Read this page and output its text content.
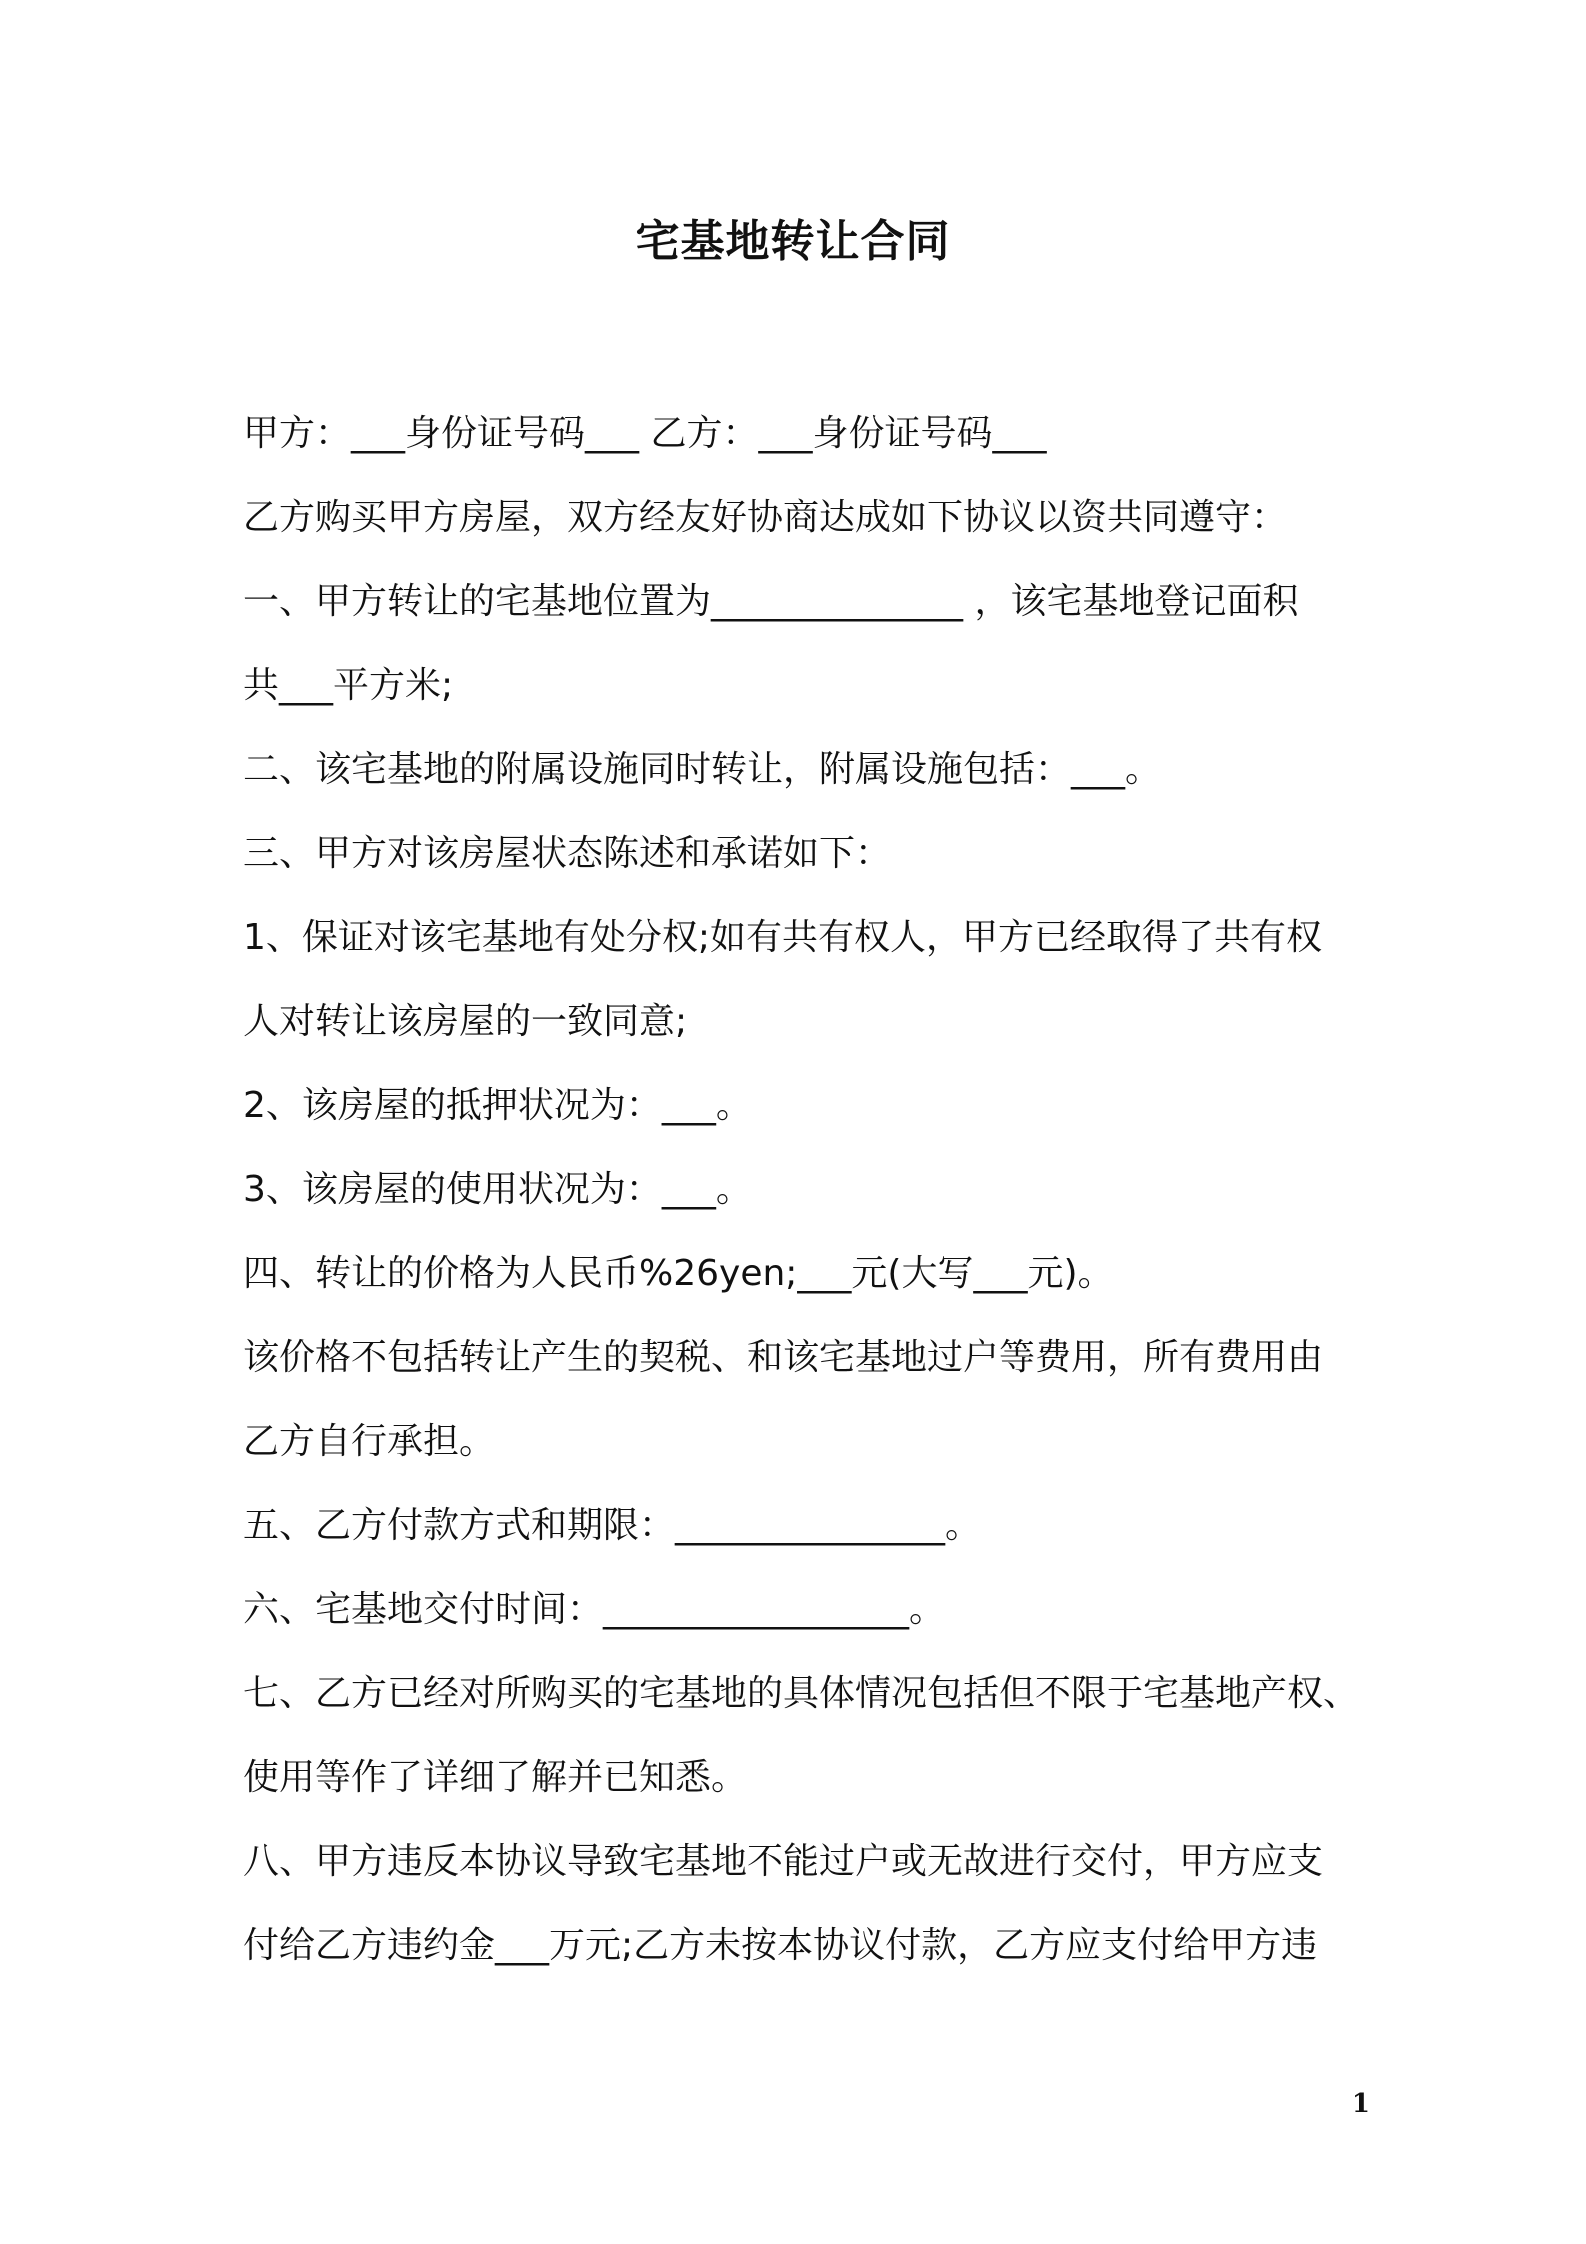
宅基地转让合同
甲方：___身份证号码___ 乙方：___身份证号码___
乙方购买甲方房屋，双方经友好协商达成如下协议以资共同遵守：
一、甲方转让的宅基地位置为______________ ，该宅基地登记面积
共___平方米;
二、该宅基地的附属设施同时转让，附属设施包括：___。
三、甲方对该房屋状态陈述和承诺如下：
1、保证对该宅基地有处分权;如有共有权人，甲方已经取得了共有权
人对转让该房屋的一致同意;
2、该房屋的抵押状况为：___。
3、该房屋的使用状况为：___。
四、转让的价格为人民币%26yen;___元(大写___元)。
该价格不包括转让产生的契税、和该宅基地过户等费用，所有费用由
乙方自行承担。
五、乙方付款方式和期限：_______________。
六、宅基地交付时间：_________________。
七、乙方已经对所购买的宅基地的具体情况包括但不限于宅基地产权、
使用等作了详细了解并已知悉。
八、甲方违反本协议导致宅基地不能过户或无故进行交付，甲方应支
付给乙方违约金___万元;乙方未按本协议付款，乙方应支付给甲方违
1
